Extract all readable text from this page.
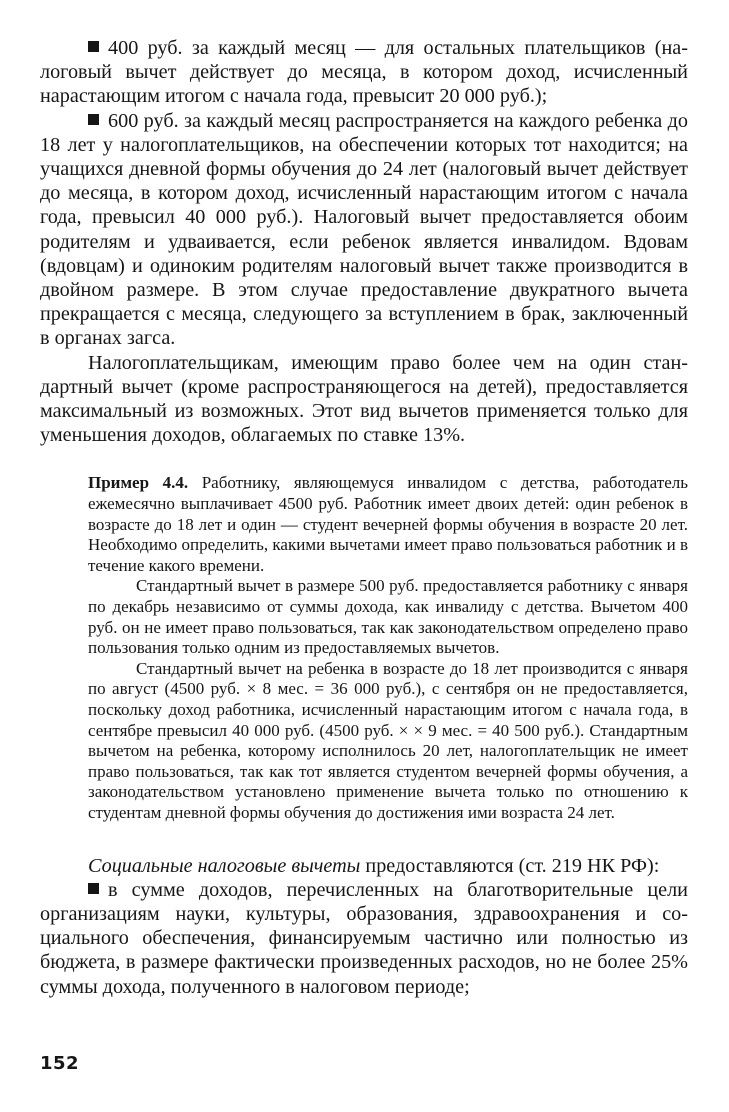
400 руб. за каждый месяц — для остальных плательщиков (налоговый вычет действует до месяца, в котором доход, исчисленный нарастающим итогом с начала года, превысит 20 000 руб.);

600 руб. за каждый месяц распространяется на каждого ребенка до 18 лет у налогоплательщиков, на обеспечении которых тот находится; на учащихся дневной формы обучения до 24 лет (налоговый вычет действует до месяца, в котором доход, исчисленный нарастающим итогом с начала года, превысил 40 000 руб.). Налоговый вычет предоставляется обоим родителям и удваивается, если ребенок является инвалидом. Вдовам (вдовцам) и одиноким родителям налоговый вычет также производится в двойном размере. В этом случае предоставление двукратного вычета прекращается с месяца, следующего за вступлением в брак, заключенный в органах загса.

Налогоплательщикам, имеющим право более чем на один стандартный вычет (кроме распространяющегося на детей), предоставляется максимальный из возможных. Этот вид вычетов применяется только для уменьшения доходов, облагаемых по ставке 13%.

Пример 4.4. Работнику, являющемуся инвалидом с детства, работодатель ежемесячно выплачивает 4500 руб. Работник имеет двоих детей: один ребенок в возрасте до 18 лет и один — студент вечерней формы обучения в возрасте 20 лет. Необходимо определить, какими вычетами имеет право пользоваться работник и в течение какого времени.

Стандартный вычет в размере 500 руб. предоставляется работнику с января по декабрь независимо от суммы дохода, как инвалиду с детства. Вычетом 400 руб. он не имеет право пользоваться, так как законодательством определено право пользования только одним из предоставляемых вычетов.

Стандартный вычет на ребенка в возрасте до 18 лет производится с января по август (4500 руб. × 8 мес. = 36 000 руб.), с сентября он не предоставляется, поскольку доход работника, исчисленный нарастающим итогом с начала года, в сентябре превысил 40 000 руб. (4500 руб. × × 9 мес. = 40 500 руб.). Стандартным вычетом на ребенка, которому исполнилось 20 лет, налогоплательщик не имеет право пользоваться, так как тот является студентом вечерней формы обучения, а законодательством установлено применение вычета только по отношению к студентам дневной формы обучения до достижения ими возраста 24 лет.

Социальные налоговые вычеты предоставляются (ст. 219 НК РФ):

в сумме доходов, перечисленных на благотворительные цели организациям науки, культуры, образования, здравоохранения и социального обеспечения, финансируемым частично или полностью из бюджета, в размере фактически произведенных расходов, но не более 25% суммы дохода, полученного в налоговом периоде;

152
